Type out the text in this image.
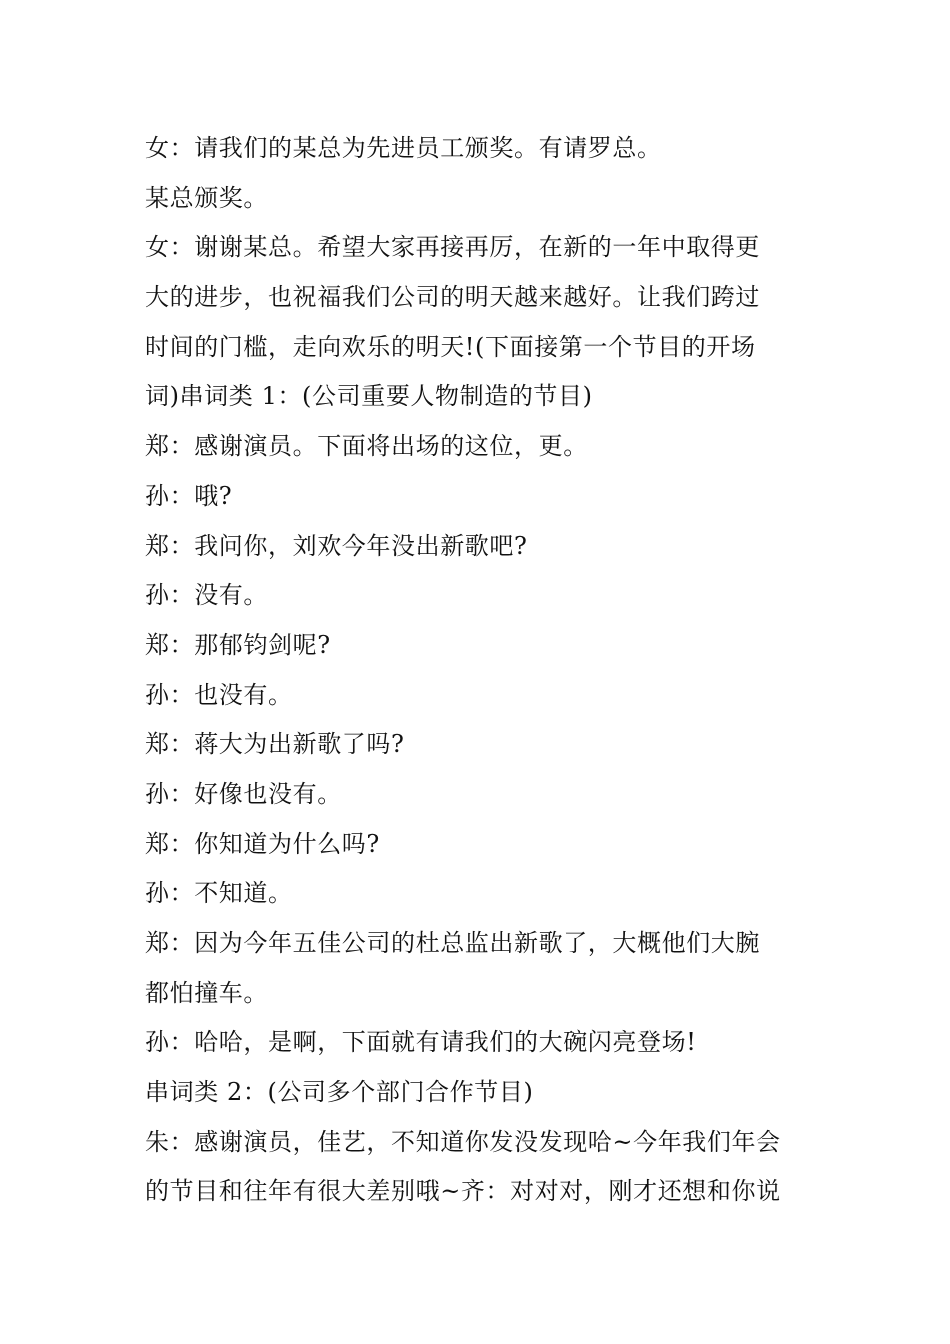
女：请我们的某总为先进员工颁奖。有请罗总。
某总颁奖。
女：谢谢某总。希望大家再接再厉，在新的一年中取得更
大的进步，也祝福我们公司的明天越来越好。让我们跨过
时间的门槛，走向欢乐的明天!(下面接第一个节目的开场
词)串词类 1：(公司重要人物制造的节目)
郑：感谢演员。下面将出场的这位，更。
孙：哦?
郑：我问你，刘欢今年没出新歌吧?
孙：没有。
郑：那郁钧剑呢?
孙：也没有。
郑：蒋大为出新歌了吗?
孙：好像也没有。
郑：你知道为什么吗?
孙：不知道。
郑：因为今年五佳公司的杜总监出新歌了，大概他们大腕
都怕撞车。
孙：哈哈，是啊，下面就有请我们的大碗闪亮登场!
串词类 2：(公司多个部门合作节目)
朱：感谢演员，佳艺，不知道你发没发现哈~今年我们年会
的节目和往年有很大差别哦~齐：对对对，刚才还想和你说
